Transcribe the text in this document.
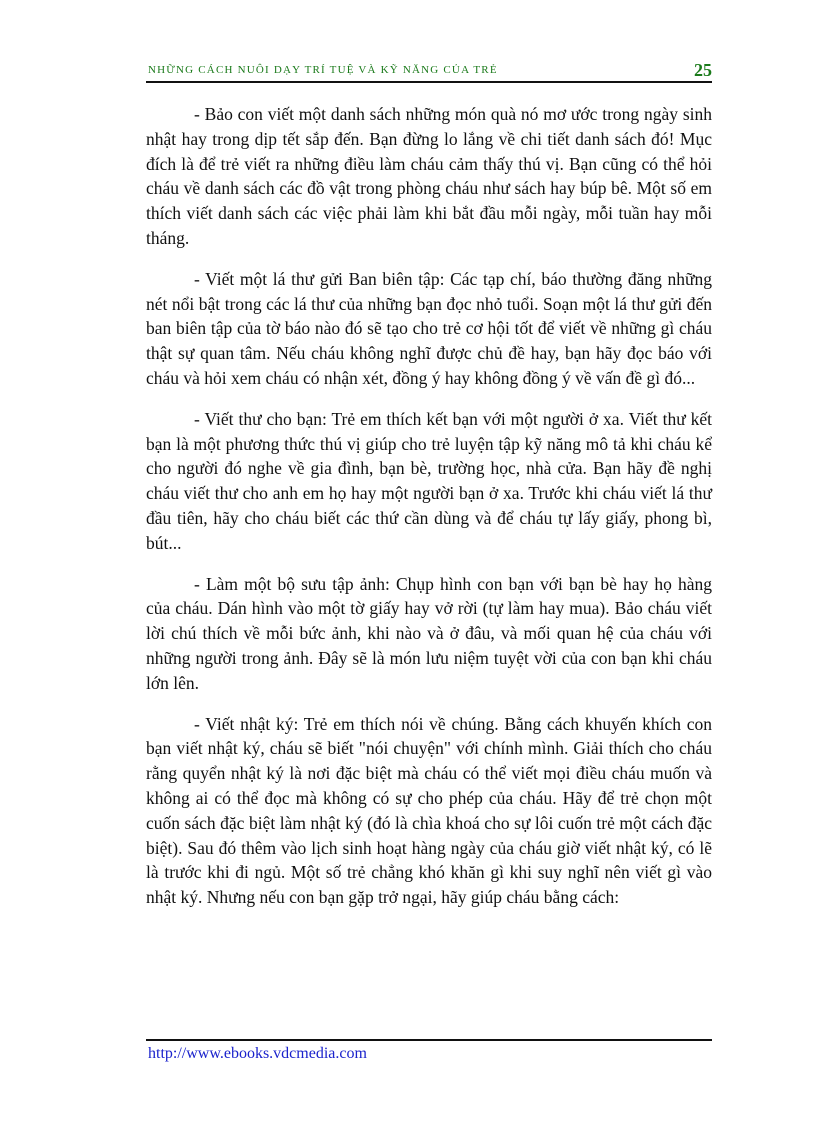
NHỮNG CÁCH NUÔI DẠY TRÍ TUỆ VÀ KỸ NĂNG CỦA TRẺ	25

- Bảo con viết một danh sách những món quà nó mơ ước trong ngày sinh nhật hay trong dịp tết sắp đến. Bạn đừng lo lắng về chi tiết danh sách đó! Mục đích là để trẻ viết ra những điều làm cháu cảm thấy thú vị. Bạn cũng có thể hỏi cháu về danh sách các đồ vật trong phòng cháu như sách hay búp bê. Một số em thích viết danh sách các việc phải làm khi bắt đầu mỗi ngày, mỗi tuần hay mỗi tháng.

- Viết một lá thư gửi Ban biên tập: Các tạp chí, báo thường đăng những nét nổi bật trong các lá thư của những bạn đọc nhỏ tuổi. Soạn một lá thư gửi đến ban biên tập của tờ báo nào đó sẽ tạo cho trẻ cơ hội tốt để viết về những gì cháu thật sự quan tâm. Nếu cháu không nghĩ được chủ đề hay, bạn hãy đọc báo với cháu và hỏi xem cháu có nhận xét, đồng ý hay không đồng ý về vấn đề gì đó...

- Viết thư cho bạn: Trẻ em thích kết bạn với một người ở xa. Viết thư kết bạn là một phương thức thú vị giúp cho trẻ luyện tập kỹ năng mô tả khi cháu kể cho người đó nghe về gia đình, bạn bè, trường học, nhà cửa. Bạn hãy đề nghị cháu viết thư cho anh em họ hay một người bạn ở xa. Trước khi cháu viết lá thư đầu tiên, hãy cho cháu biết các thứ cần dùng và để cháu tự lấy giấy, phong bì, bút...

- Làm một bộ sưu tập ảnh: Chụp hình con bạn với bạn bè hay họ hàng của cháu. Dán hình vào một tờ giấy hay vở rời (tự làm hay mua). Bảo cháu viết lời chú thích về mỗi bức ảnh, khi nào và ở đâu, và mối quan hệ của cháu với những người trong ảnh. Đây sẽ là món lưu niệm tuyệt vời của con bạn khi cháu lớn lên.

- Viết nhật ký: Trẻ em thích nói về chúng. Bằng cách khuyến khích con bạn viết nhật ký, cháu sẽ biết "nói chuyện" với chính mình. Giải thích cho cháu rằng quyển nhật ký là nơi đặc biệt mà cháu có thể viết mọi điều cháu muốn và không ai có thể đọc mà không có sự cho phép của cháu. Hãy để trẻ chọn một cuốn sách đặc biệt làm nhật ký (đó là chìa khoá cho sự lôi cuốn trẻ một cách đặc biệt). Sau đó thêm vào lịch sinh hoạt hàng ngày của cháu giờ viết nhật ký, có lẽ là trước khi đi ngủ. Một số trẻ chẳng khó khăn gì khi suy nghĩ nên viết gì vào nhật ký. Nhưng nếu con bạn gặp trở ngại, hãy giúp cháu bằng cách:

http://www.ebooks.vdcmedia.com
